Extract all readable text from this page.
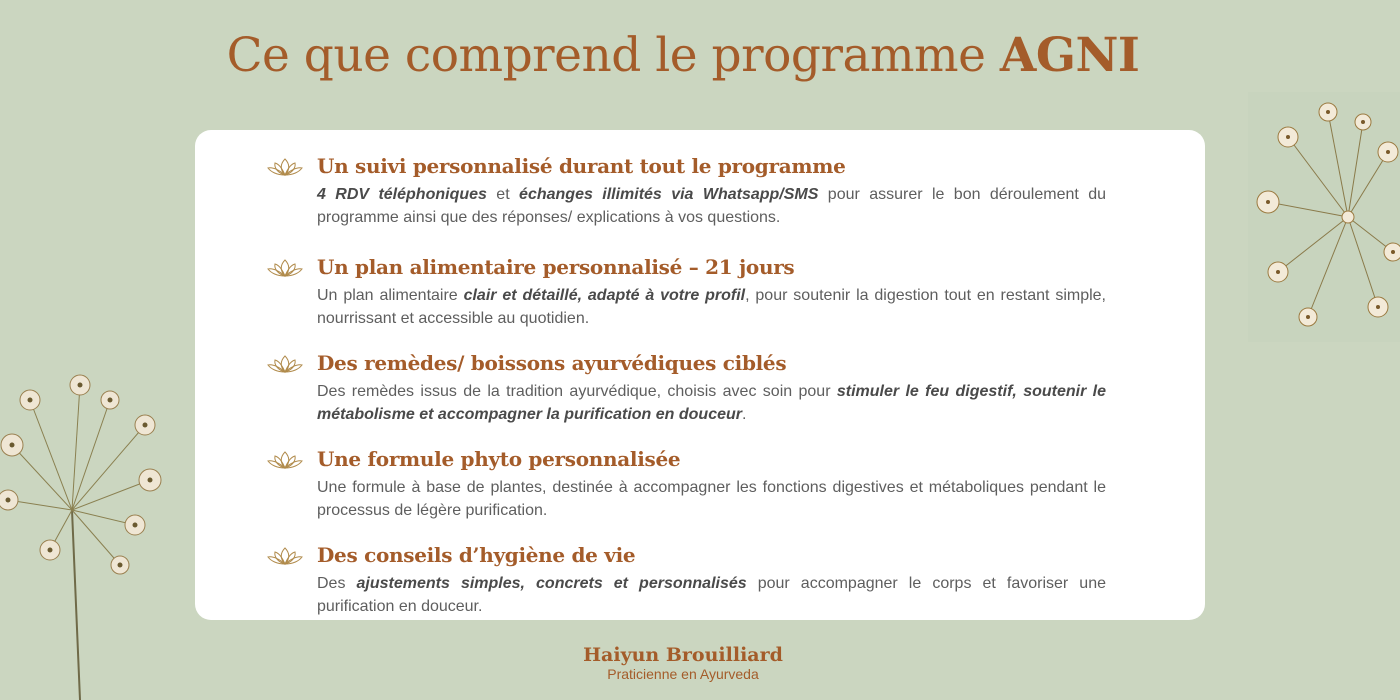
Ce que comprend le programme AGNI
Un suivi personnalisé durant tout le programme

4 RDV téléphoniques et échanges illimités via Whatsapp/SMS pour assurer le bon déroulement du programme ainsi que des réponses/ explications à vos questions.

Un plan alimentaire personnalisé – 21 jours

Un plan alimentaire clair et détaillé, adapté à votre profil, pour soutenir la digestion tout en restant simple, nourrissant et accessible au quotidien.

Des remèdes/ boissons ayurvédiques ciblés

Des remèdes issus de la tradition ayurvédique, choisis avec soin pour stimuler le feu digestif, soutenir le métabolisme et accompagner la purification en douceur.

Une formule phyto personnalisée

Une formule à base de plantes, destinée à accompagner les fonctions digestives et métaboliques pendant le processus de légère purification.

Des conseils d’hygiène de vie

Des ajustements simples, concrets et personnalisés pour accompagner le corps et favoriser une purification en douceur.

Haiyun Brouilliard
Praticienne en Ayurveda
